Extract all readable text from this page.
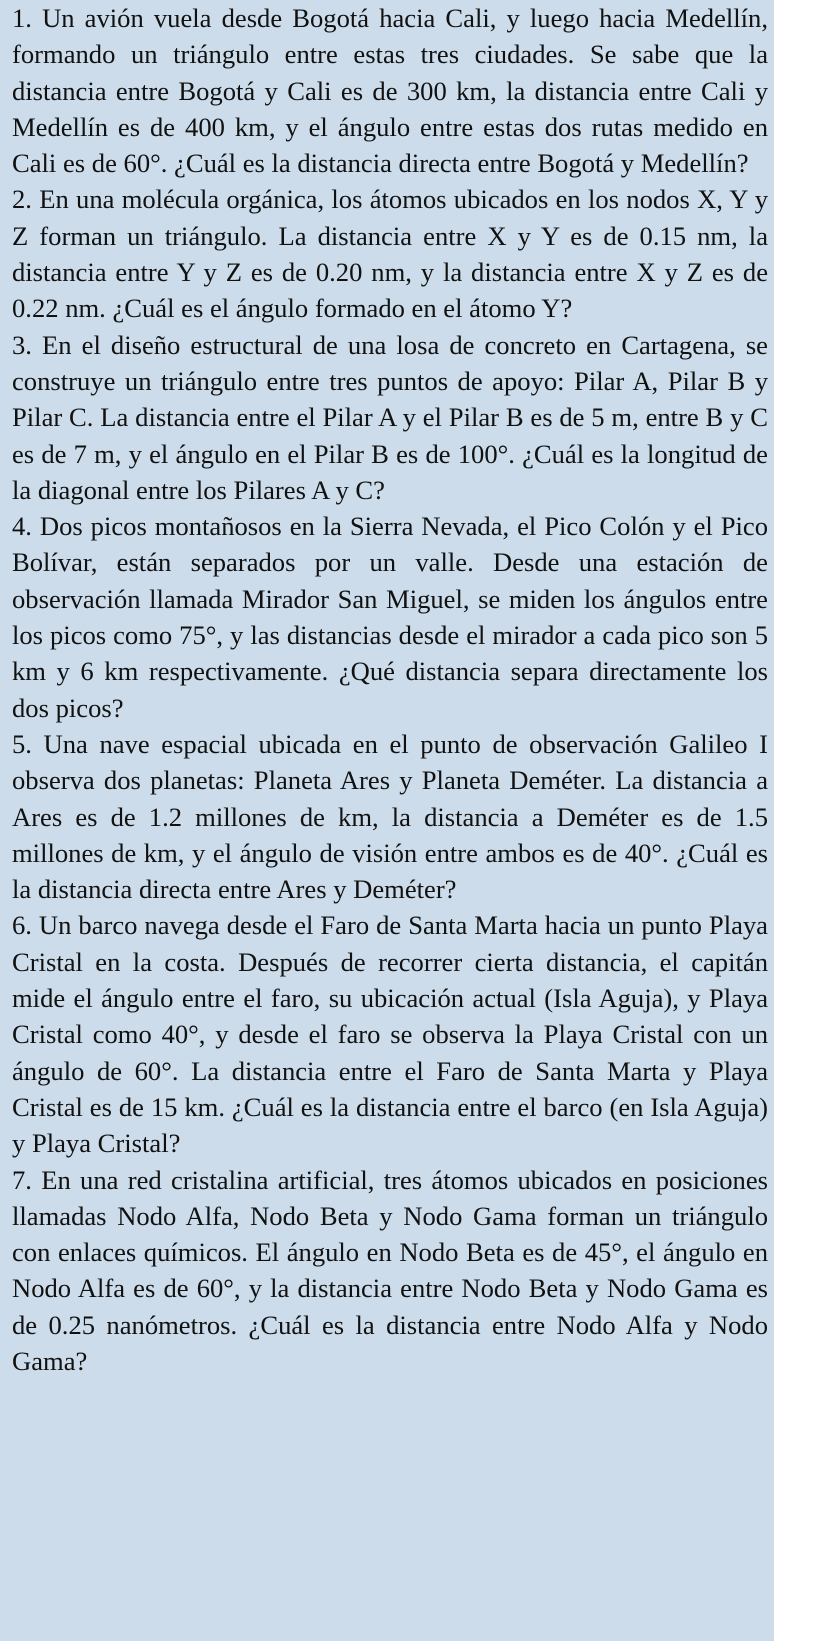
1. Un avión vuela desde Bogotá hacia Cali, y luego hacia Medellín, formando un triángulo entre estas tres ciudades. Se sabe que la distancia entre Bogotá y Cali es de 300 km, la distancia entre Cali y Medellín es de 400 km, y el ángulo entre estas dos rutas medido en Cali es de 60°. ¿Cuál es la distancia directa entre Bogotá y Medellín?

2. En una molécula orgánica, los átomos ubicados en los nodos X, Y y Z forman un triángulo. La distancia entre X y Y es de 0.15 nm, la distancia entre Y y Z es de 0.20 nm, y la distancia entre X y Z es de 0.22 nm. ¿Cuál es el ángulo formado en el átomo Y?

3. En el diseño estructural de una losa de concreto en Cartagena, se construye un triángulo entre tres puntos de apoyo: Pilar A, Pilar B y Pilar C. La distancia entre el Pilar A y el Pilar B es de 5 m, entre B y C es de 7 m, y el ángulo en el Pilar B es de 100°. ¿Cuál es la longitud de la diagonal entre los Pilares A y C?

4. Dos picos montañosos en la Sierra Nevada, el Pico Colón y el Pico Bolívar, están separados por un valle. Desde una estación de observación llamada Mirador San Miguel, se miden los ángulos entre los picos como 75°, y las distancias desde el mirador a cada pico son 5 km y 6 km respectivamente. ¿Qué distancia separa directamente los dos picos?

5. Una nave espacial ubicada en el punto de observación Galileo I observa dos planetas: Planeta Ares y Planeta Deméter. La distancia a Ares es de 1.2 millones de km, la distancia a Deméter es de 1.5 millones de km, y el ángulo de visión entre ambos es de 40°. ¿Cuál es la distancia directa entre Ares y Deméter?

6. Un barco navega desde el Faro de Santa Marta hacia un punto Playa Cristal en la costa. Después de recorrer cierta distancia, el capitán mide el ángulo entre el faro, su ubicación actual (Isla Aguja), y Playa Cristal como 40°, y desde el faro se observa la Playa Cristal con un ángulo de 60°. La distancia entre el Faro de Santa Marta y Playa Cristal es de 15 km. ¿Cuál es la distancia entre el barco (en Isla Aguja) y Playa Cristal?

7. En una red cristalina artificial, tres átomos ubicados en posiciones llamadas Nodo Alfa, Nodo Beta y Nodo Gama forman un triángulo con enlaces químicos. El ángulo en Nodo Beta es de 45°, el ángulo en Nodo Alfa es de 60°, y la distancia entre Nodo Beta y Nodo Gama es de 0.25 nanómetros. ¿Cuál es la distancia entre Nodo Alfa y Nodo Gama?
